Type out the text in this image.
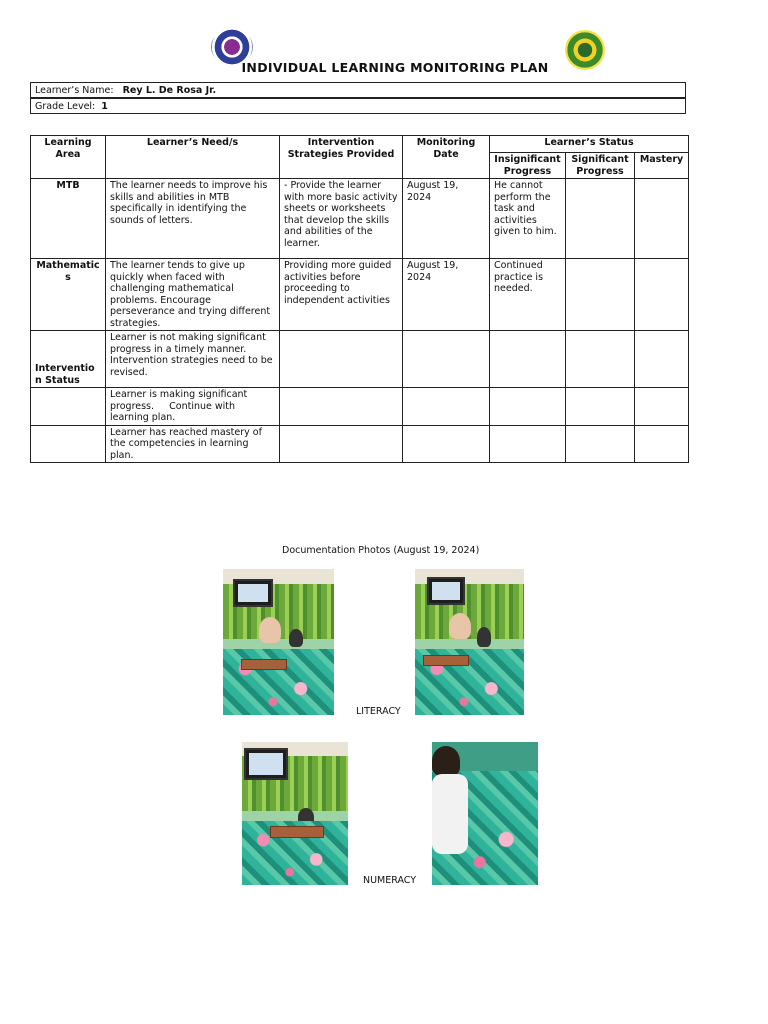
INDIVIDUAL LEARNING MONITORING PLAN
Learner’s Name: Rey L. De Rosa Jr.
Grade Level: 1
Learning Area	Learner’s Need/s	Intervention Strategies Provided	Monitoring Date	Learner’s Status		
				Insignificant Progress	Significant Progress	Mastery
MTB	The learner needs to improve his skills and abilities in MTB specifically in identifying the sounds of letters.	- Provide the learner with more basic activity sheets or worksheets that develop the skills and abilities of the learner.	August 19, 2024	He cannot perform the task and activities given to him.		
Mathematics	The learner tends to give up quickly when faced with challenging mathematical problems. Encourage perseverance and trying different strategies.	Providing more guided activities before proceeding to independent activities	August 19, 2024	Continued practice is needed.		
Intervention Status	Learner is not making significant progress in a timely manner. Intervention strategies need to be revised.					
	Learner is making significant progress.     Continue with learning plan.					
	Learner has reached mastery of the competencies in learning plan.					
Documentation Photos (August 19, 2024)
LITERACY
NUMERACY
